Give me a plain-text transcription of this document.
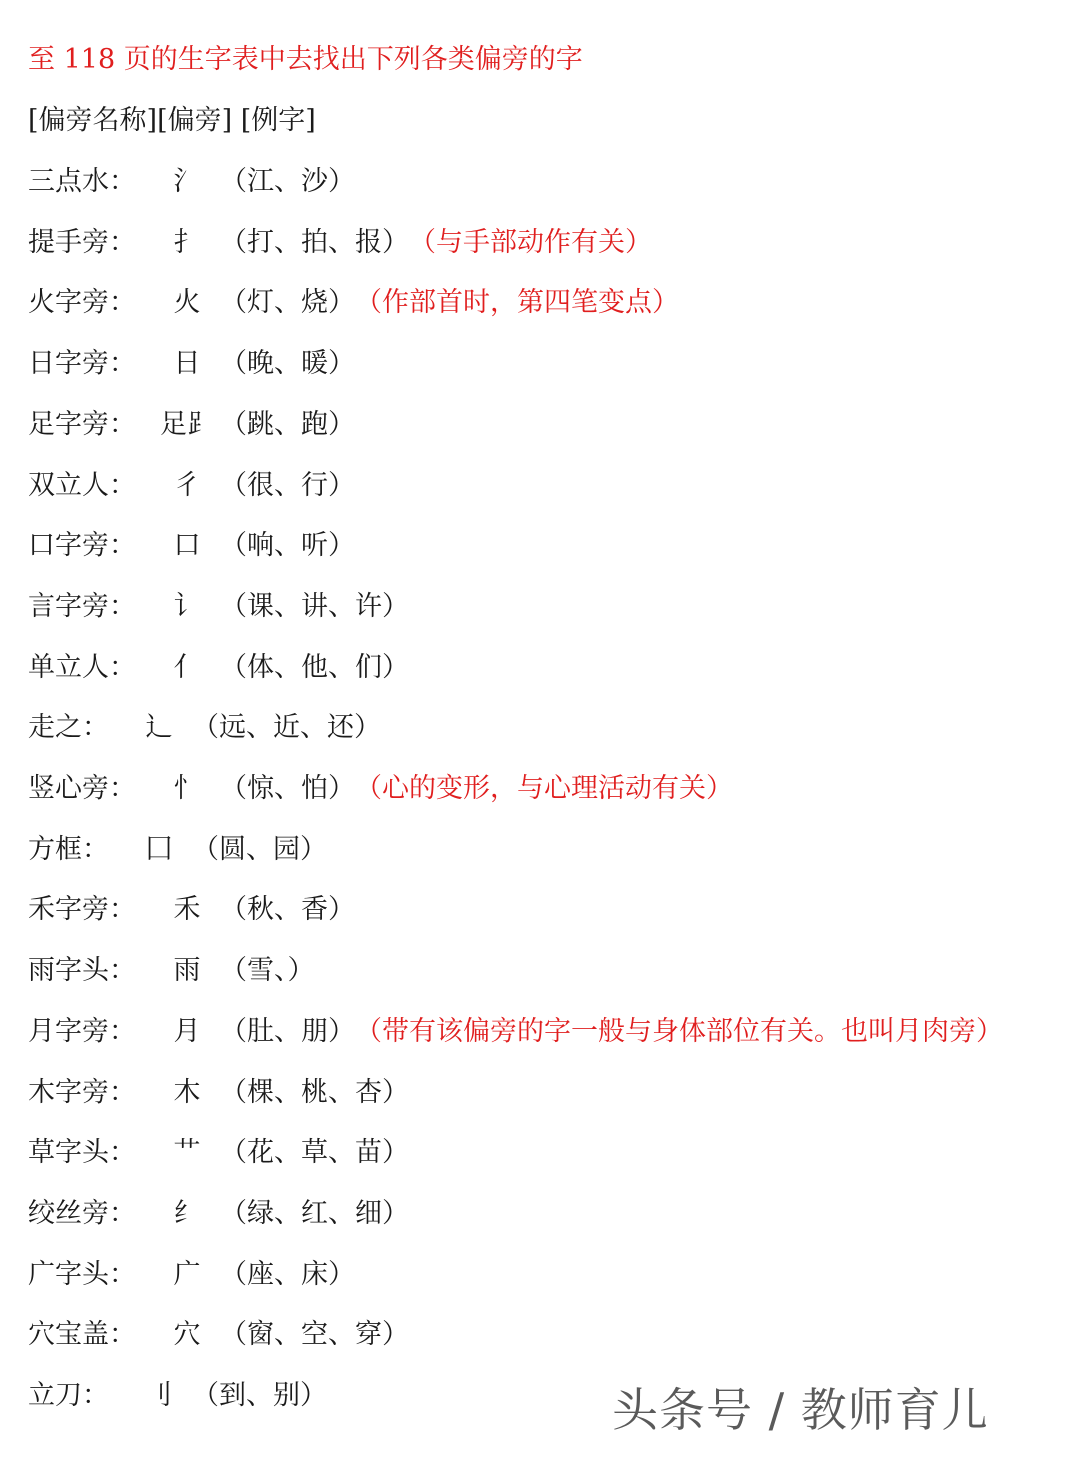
至 118 页的生字表中去找出下列各类偏旁的字
[偏旁名称][偏旁] [例字]
三点水： 氵 （江、沙）
提手旁： 扌 （打、拍、报）（与手部动作有关）
火字旁： 火 （灯、烧）（作部首时，第四笔变点）
日字旁： 日 （晚、暖）
足字旁： 足⻊ （跳、跑）
双立人： 彳 （很、行）
口字旁： 口 （响、听）
言字旁： 讠 （课、讲、许）
单立人： 亻 （体、他、们）
走之： 辶 （远、近、还）
竖心旁： 忄 （惊、怕）（心的变形，与心理活动有关）
方框： 囗 （圆、园）
禾字旁： 禾 （秋、香）
雨字头： 雨 （雪、）
月字旁： 月 （肚、朋）（带有该偏旁的字一般与身体部位有关。也叫月肉旁）
木字旁： 木 （棵、桃、杏）
草字头： 艹 （花、草、苗）
绞丝旁： 纟 （绿、红、细）
广字头： 广 （座、床）
穴宝盖： 穴 （窗、空、穿）
立刀： 刂 （到、别）	头条号 / 教师育儿
